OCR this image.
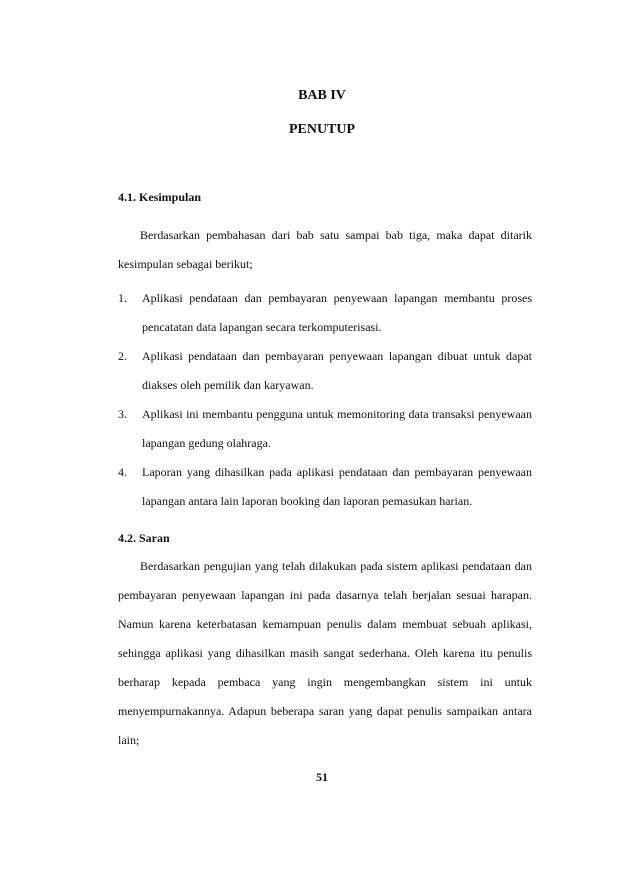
BAB IV
PENUTUP
4.1. Kesimpulan

Berdasarkan pembahasan dari bab satu sampai bab tiga, maka dapat ditarik kesimpulan sebagai berikut;

1. Aplikasi pendataan dan pembayaran penyewaan lapangan membantu proses pencatatan data lapangan secara terkomputerisasi.
2. Aplikasi pendataan dan pembayaran penyewaan lapangan dibuat untuk dapat diakses oleh pemilik dan karyawan.
3. Aplikasi ini membantu pengguna untuk memonitoring data transaksi penyewaan lapangan gedung olahraga.
4. Laporan yang dihasilkan pada aplikasi pendataan dan pembayaran penyewaan lapangan antara lain laporan booking dan laporan pemasukan harian.
4.2. Saran

Berdasarkan pengujian yang telah dilakukan pada sistem aplikasi pendataan dan pembayaran penyewaan lapangan ini pada dasarnya telah berjalan sesuai harapan. Namun karena keterbatasan kemampuan penulis dalam membuat sebuah aplikasi, sehingga aplikasi yang dihasilkan masih sangat sederhana. Oleh karena itu penulis berharap kepada pembaca yang ingin mengembangkan sistem ini untuk menyempurnakannya. Adapun beberapa saran yang dapat penulis sampaikan antara lain;

51
